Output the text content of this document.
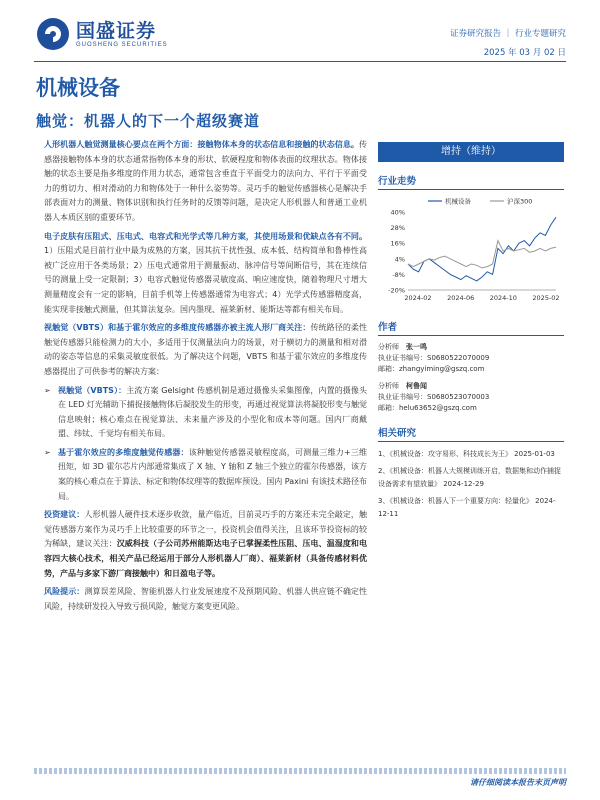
国盛证券
GUOSHENG SECURITIES
证券研究报告 ｜ 行业专题研究
2025 年 03 月 02 日
机械设备
触觉：机器人的下一个超级赛道
人形机器人触觉测量核心要点在两个方面：接触物体本身的状态信息和接触的状态信息。传感器接触物体本身的状态通常指物体本身的形状、软硬程度和物体表面的纹理状态。物体接触的状态主要是指多维度的作用力状态，通常包含垂直于平面受力的法向力、平行于平面受力的剪切力、相对滑动的力和物体处于一种什么姿势等。灵巧手的触觉传感器核心是解决手部表面对力的测量、物体识别和执行任务时的反馈等问题，是决定人形机器人和普通工业机器人本质区别的重要环节。
电子皮肤有压阻式、压电式、电容式和光学式等几种方案，其使用场景和优缺点各有不同。1）压阻式是目前行业中最为成熟的方案，因其抗干扰性强、成本低、结构简单和鲁棒性高被广泛应用于各类场景；2）压电式通常用于测量振动、脉冲信号等间断信号，其在连续信号的测量上受一定限制；3）电容式触觉传感器灵敏度高、响应速度快，随着物理尺寸增大测量精度会有一定的影响，目前手机等上传感器通常为电容式；4）光学式传感器精度高，能实现非接触式测量，但其算法复杂。国内墨现、福莱新材、能斯达等都有相关布局。
视触觉（VBTS）和基于霍尔效应的多维度传感器亦被主流人形厂商关注：传统路径的柔性触觉传感器只能检测力的大小，多适用于仅测量法向力的场景，对于横切力的测量和相对滑动的姿态等信息的采集灵敏度很低。为了解决这个问题，VBTS 和基于霍尔效应的多维度传感器提出了可供参考的解决方案：
➢ 视触觉（VBTS）：主流方案 Gelsight 传感机制是通过摄像头采集图像，内置的摄像头在 LED 灯光辅助下捕捉接触物体后凝胶发生的形变，再通过视觉算法将凝胶形变与触觉信息映射；核心难点在视觉算法、未来量产涉及的小型化和成本等问题。国内厂商戴盟、纬钛、千觉均有相关布局。
➢ 基于霍尔效应的多维度触觉传感器：该种触觉传感器灵敏程度高，可测量三维力+三维扭矩，如 3D 霍尔芯片内部通常集成了 X 轴、Y 轴和 Z 轴三个独立的霍尔传感器，该方案的核心难点在于算法、标定和物体纹理等的数据库预设。国内 Paxini 有该技术路径布局。
投资建议：人形机器人硬件技术逐步收敛，量产临近，目前灵巧手的方案还未完全敲定，触觉传感器方案作为灵巧手上比较重要的环节之一，投资机会值得关注，且该环节投资标的较为稀缺，建议关注：汉威科技（子公司苏州能斯达电子已掌握柔性压阻、压电、温湿度和电容四大核心技术，相关产品已经运用于部分人形机器人厂商）、福莱新材（具备传感材料优势，产品与多家下游厂商接触中）和日盈电子等。
风险提示：测算误差风险、智能机器人行业发展速度不及预期风险、机器人供应链不确定性风险，持续研发投入导致亏损风险，触觉方案变更风险。
增持（维持）
行业走势
-20%
-8%
4%
16%
28%
40%
2024-02 2024-06 2024-10 2025-02
机械设备	沪深300
作者
分析师　 张一鸣
执业证书编号：S0680522070009
邮箱：zhangyiming@gszq.com
分析师　 柯鲁闻
执业证书编号：S0680523070003
邮箱：helu63652@gszq.com
相关研究
1、《机械设备：攻守易形、科技成长为王》 2025-01-03
2、《机械设备：机器人大规模训练开启，数据集和动作捕捉设备需求有望放量》 2024-12-29
3、《机械设备：机器人下一个重要方向：轻量化》 2024-12-11
请仔细阅读本报告末页声明
